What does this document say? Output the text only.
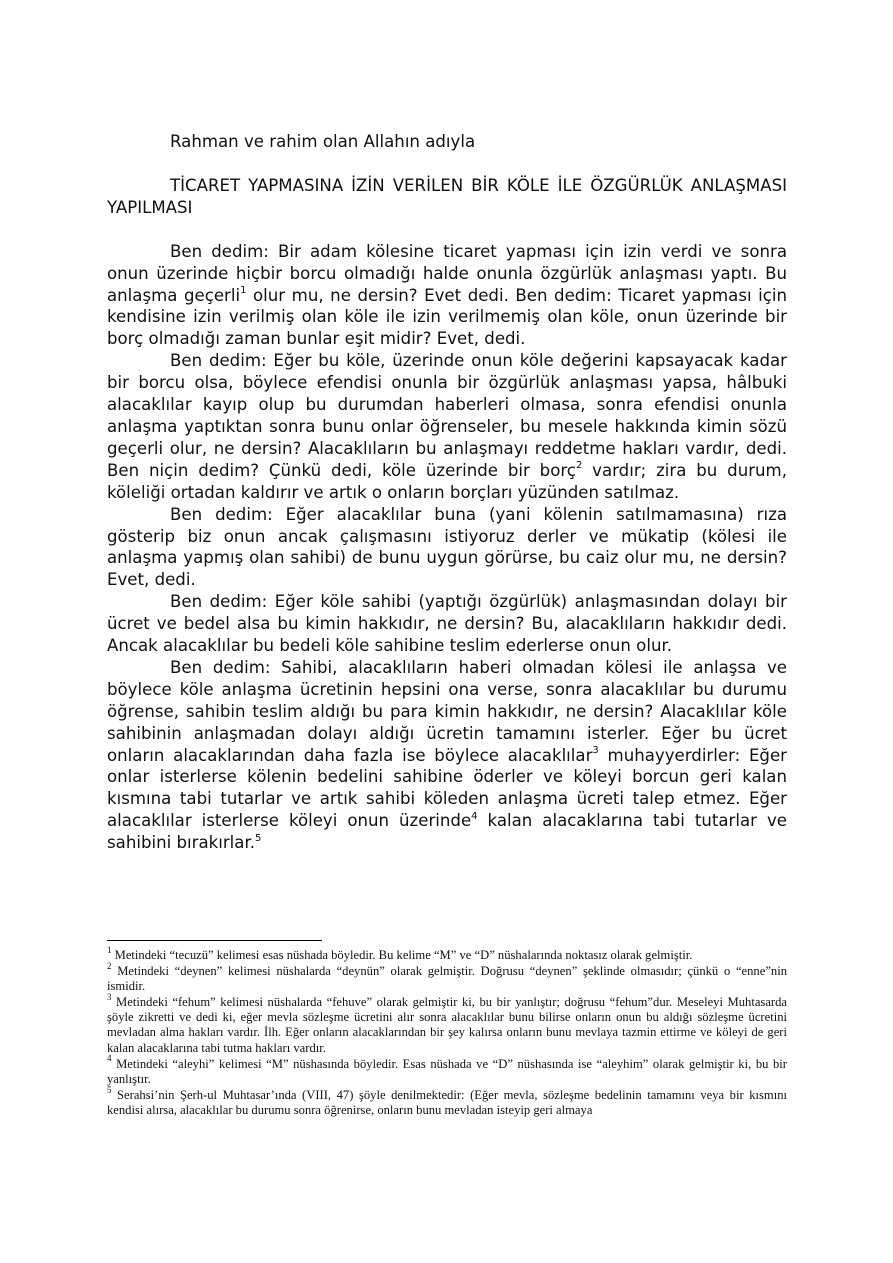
Rahman ve rahim olan Allahın adıyla

TİCARET YAPMASINA İZİN VERİLEN BİR KÖLE İLE ÖZGÜRLÜK ANLAŞMASI YAPILMASI

Ben dedim: Bir adam kölesine ticaret yapması için izin verdi ve sonra onun üzerinde hiçbir borcu olmadığı halde onunla özgürlük anlaşması yaptı. Bu anlaşma geçerli$^1$ olur mu, ne dersin? Evet dedi. Ben dedim: Ticaret yapması için kendisine izin verilmiş olan köle ile izin verilmemiş olan köle, onun üzerinde bir borç olmadığı zaman bunlar eşit midir? Evet, dedi.

Ben dedim: Eğer bu köle, üzerinde onun köle değerini kapsayacak kadar bir borcu olsa, böylece efendisi onunla bir özgürlük anlaşması yapsa, hâlbuki alacaklılar kayıp olup bu durumdan haberleri olmasa, sonra efendisi onunla anlaşma yaptıktan sonra bunu onlar öğrenseler, bu mesele hakkında kimin sözü geçerli olur, ne dersin? Alacaklıların bu anlaşmayı reddetme hakları vardır, dedi. Ben niçin dedim? Çünkü dedi, köle üzerinde bir borç$^2$ vardır; zira bu durum, köleliği ortadan kaldırır ve artık o onların borçları yüzünden satılmaz.

Ben dedim: Eğer alacaklılar buna (yani kölenin satılmamasına) rıza gösterip biz onun ancak çalışmasını istiyoruz derler ve mükatip (kölesi ile anlaşma yapmış olan sahibi) de bunu uygun görürse, bu caiz olur mu, ne dersin? Evet, dedi.

Ben dedim: Eğer köle sahibi (yaptığı özgürlük) anlaşmasından dolayı bir ücret ve bedel alsa bu kimin hakkıdır, ne dersin? Bu, alacaklıların hakkıdır dedi. Ancak alacaklılar bu bedeli köle sahibine teslim ederlerse onun olur.

Ben dedim: Sahibi, alacaklıların haberi olmadan kölesi ile anlaşsa ve böylece köle anlaşma ücretinin hepsini ona verse, sonra alacaklılar bu durumu öğrense, sahibin teslim aldığı bu para kimin hakkıdır, ne dersin? Alacaklılar köle sahibinin anlaşmadan dolayı aldığı ücretin tamamını isterler. Eğer bu ücret onların alacaklarından daha fazla ise böylece alacaklılar$^3$ muhayyerdirler: Eğer onlar isterlerse kölenin bedelini sahibine öderler ve köleyi borcun geri kalan kısmına tabi tutarlar ve artık sahibi köleden anlaşma ücreti talep etmez. Eğer alacaklılar isterlerse köleyi onun üzerinde$^4$ kalan alacaklarına tabi tutarlar ve sahibini bırakırlar.$^5$

$^1$ Metindeki “tecuzü” kelimesi esas nüshada böyledir. Bu kelime “M” ve “D” nüshalarında noktasız olarak gelmiştir.

$^2$ Metindeki “deynen” kelimesi nüshalarda “deynün” olarak gelmiştir. Doğrusu “deynen” şeklinde olmasıdır; çünkü o “enne”nin ismidir.

$^3$ Metindeki “fehum” kelimesi nüshalarda “fehuve” olarak gelmiştir ki, bu bir yanlıştır; doğrusu “fehum”dur. Meseleyi Muhtasarda şöyle zikretti ve dedi ki, eğer mevla sözleşme ücretini alır sonra alacaklılar bunu bilirse onların onun bu aldığı sözleşme ücretini mevladan alma hakları vardır. İlh. Eğer onların alacaklarından bir şey kalırsa onların bunu mevlaya tazmin ettirme ve köleyi de geri kalan alacaklarına tabi tutma hakları vardır.

$^4$ Metindeki “aleyhi” kelimesi “M” nüshasında böyledir. Esas nüshada ve “D” nüshasında ise “aleyhim” olarak gelmiştir ki, bu bir yanlıştır.

$^5$ Serahsi’nin Şerh-ul Muhtasar’ında (VIII, 47) şöyle denilmektedir: (Eğer mevla, sözleşme bedelinin tamamını veya bir kısmını kendisi alırsa, alacaklılar bu durumu sonra öğrenirse, onların bunu mevladan isteyip geri almaya
